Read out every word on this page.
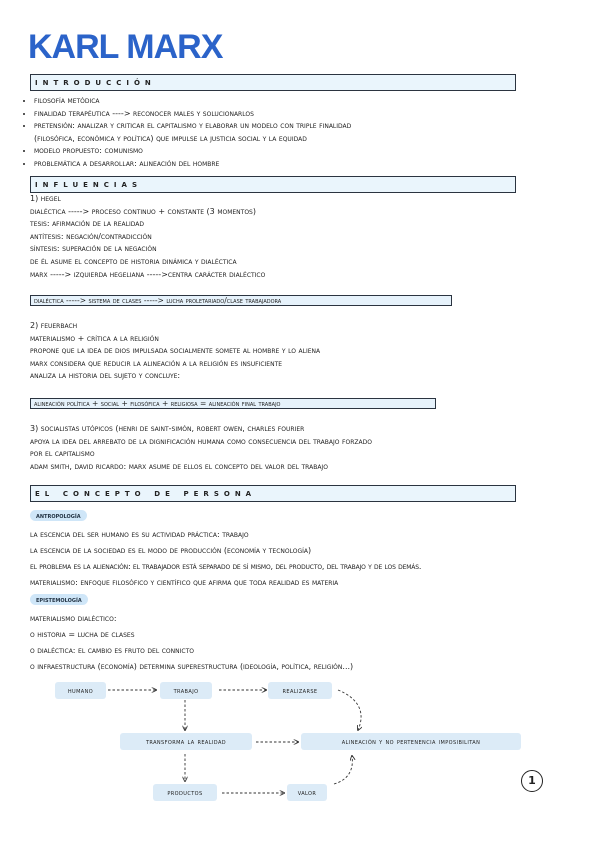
KARL MARX
introducción
• filosofía metódica
• finalidad terapéutica ----> reconocer males y solucionarlos
• pretensión: analizar y criticar el capitalismo y elaborar un modelo con triple finalidad
(filosófica, económica y política) que impulse la justicia social y la equidad
• modelo propuesto: comunismo
• problemática a desarrollar: alineación del hombre
influencias
1) hegel
dialéctica -----> proceso continuo + constante (3 momentos)
tesis: afirmación de la realidad
antítesis: negación/contradicción
síntesis: superación de la negación
de él asume el concepto de historia dinámica y dialéctica
marx -----> izquierda hegeliana ----->centra carácter dialéctico
dialéctica -----> sistema de clases -----> lucha proletariado/clase trabajadora
2) feuerbach
materialismo + crítica a la religión
propone que la idea de dios impulsada socialmente somete al hombre y lo aliena
marx considera que reducir la alineación a la religión es insuficiente
analiza la historia del sujeto y concluye:
alineación política + social + filosófica + religiosa = alineación final trabajo
3) socialistas utópicos (henri de saint-simón, robert owen, charles fourier
apoya la idea del arrebato de la dignificación humana como consecuencia del trabajo forzado
por el capitalismo
adam smith, david ricardo: marx asume de ellos el concepto del valor del trabajo
el concepto de persona
antropología
la escencia del ser humano es su actividad práctica: trabajo
la escencia de la sociedad es el modo de producción (economía y tecnología)
el problema es la alienación: el trabajador está separado de sí mismo, del producto, del trabajo y de los demás.
materialismo: enfoque filosófico y científico que afirma que toda realidad es materia
epistemología
materialismo dialéctico:
o historia = lucha de clases
o dialéctica: el cambio es fruto del connicto
o infraestructura (economía) determina superestructura (ideología, política, religión...)
humano	trabajo	realizarse
transforma la realidad	alineación y no pertenencia imposibilitan
productos	valor
1
